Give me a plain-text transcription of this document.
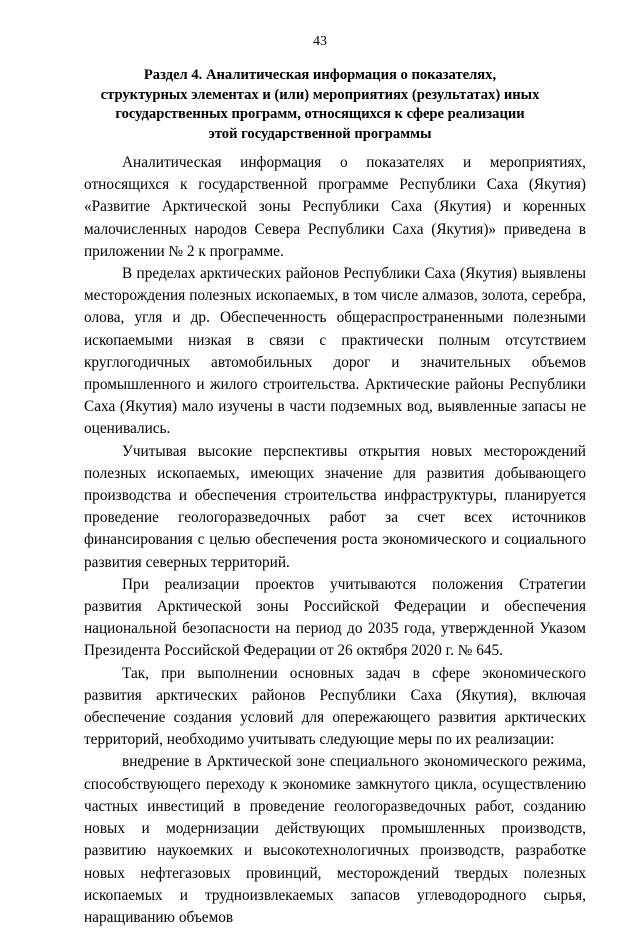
43
Раздел 4. Аналитическая информация о показателях, структурных элементах и (или) мероприятиях (результатах) иных государственных программ, относящихся к сфере реализации этой государственной программы

Аналитическая информация о показателях и мероприятиях, относящихся к государственной программе Республики Саха (Якутия) «Развитие Арктической зоны Республики Саха (Якутия) и коренных малочисленных народов Севера Республики Саха (Якутия)» приведена в приложении № 2 к программе.

В пределах арктических районов Республики Саха (Якутия) выявлены месторождения полезных ископаемых, в том числе алмазов, золота, серебра, олова, угля и др. Обеспеченность общераспространенными полезными ископаемыми низкая в связи с практически полным отсутствием круглогодичных автомобильных дорог и значительных объемов промышленного и жилого строительства. Арктические районы Республики Саха (Якутия) мало изучены в части подземных вод, выявленные запасы не оценивались.

Учитывая высокие перспективы открытия новых месторождений полезных ископаемых, имеющих значение для развития добывающего производства и обеспечения строительства инфраструктуры, планируется проведение геологоразведочных работ за счет всех источников финансирования с целью обеспечения роста экономического и социального развития северных территорий.

При реализации проектов учитываются положения Стратегии развития Арктической зоны Российской Федерации и обеспечения национальной безопасности на период до 2035 года, утвержденной Указом Президента Российской Федерации от 26 октября 2020 г. № 645.

Так, при выполнении основных задач в сфере экономического развития арктических районов Республики Саха (Якутия), включая обеспечение создания условий для опережающего развития арктических территорий, необходимо учитывать следующие меры по их реализации:

внедрение в Арктической зоне специального экономического режима, способствующего переходу к экономике замкнутого цикла, осуществлению частных инвестиций в проведение геологоразведочных работ, созданию новых и модернизации действующих промышленных производств, развитию наукоемких и высокотехнологичных производств, разработке новых нефтегазовых провинций, месторождений твердых полезных ископаемых и трудноизвлекаемых запасов углеводородного сырья, наращиванию объемов
